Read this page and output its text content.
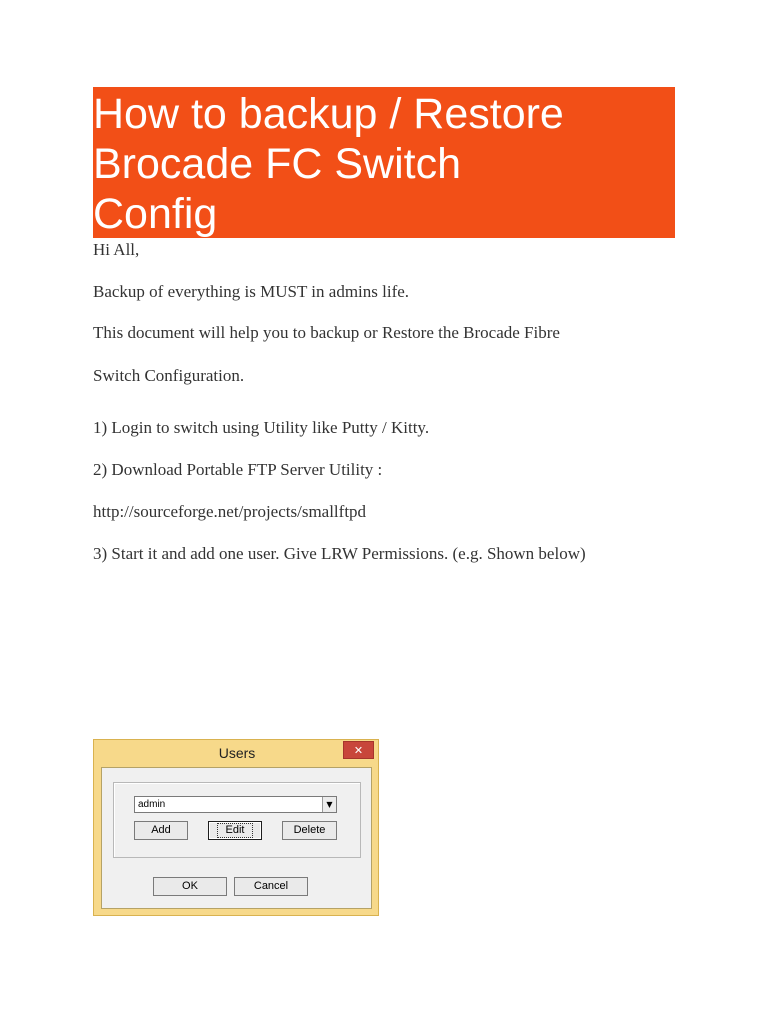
How to backup / Restore
Brocade FC Switch
Config

Hi All,

Backup of everything is MUST in admins life.

This document will help you to backup or Restore the Brocade Fibre

Switch Configuration.

1) Login to switch using Utility like Putty / Kitty.

2) Download Portable FTP Server Utility :

http://sourceforge.net/projects/smallftpd

3) Start it and add one user. Give LRW Permissions. (e.g. Shown below)

Users	✕
admin	▼
Add	Edit	Delete
OK	Cancel
